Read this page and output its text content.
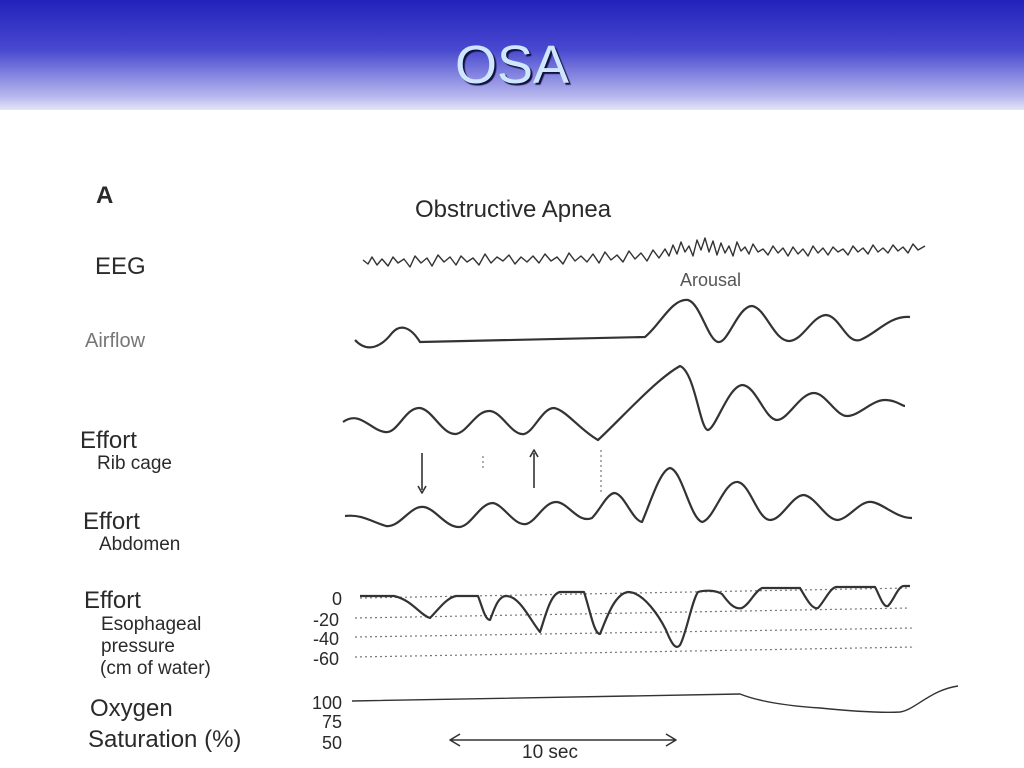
OSA
A
Obstructive Apnea
EEG	Arousal
Airflow
Effort
Rib cage
Effort
Abdomen
Effort
Esophageal
pressure
(cm of water)
0
-20
-40
-60
Oxygen
Saturation (%)
100
75
50	10 sec
